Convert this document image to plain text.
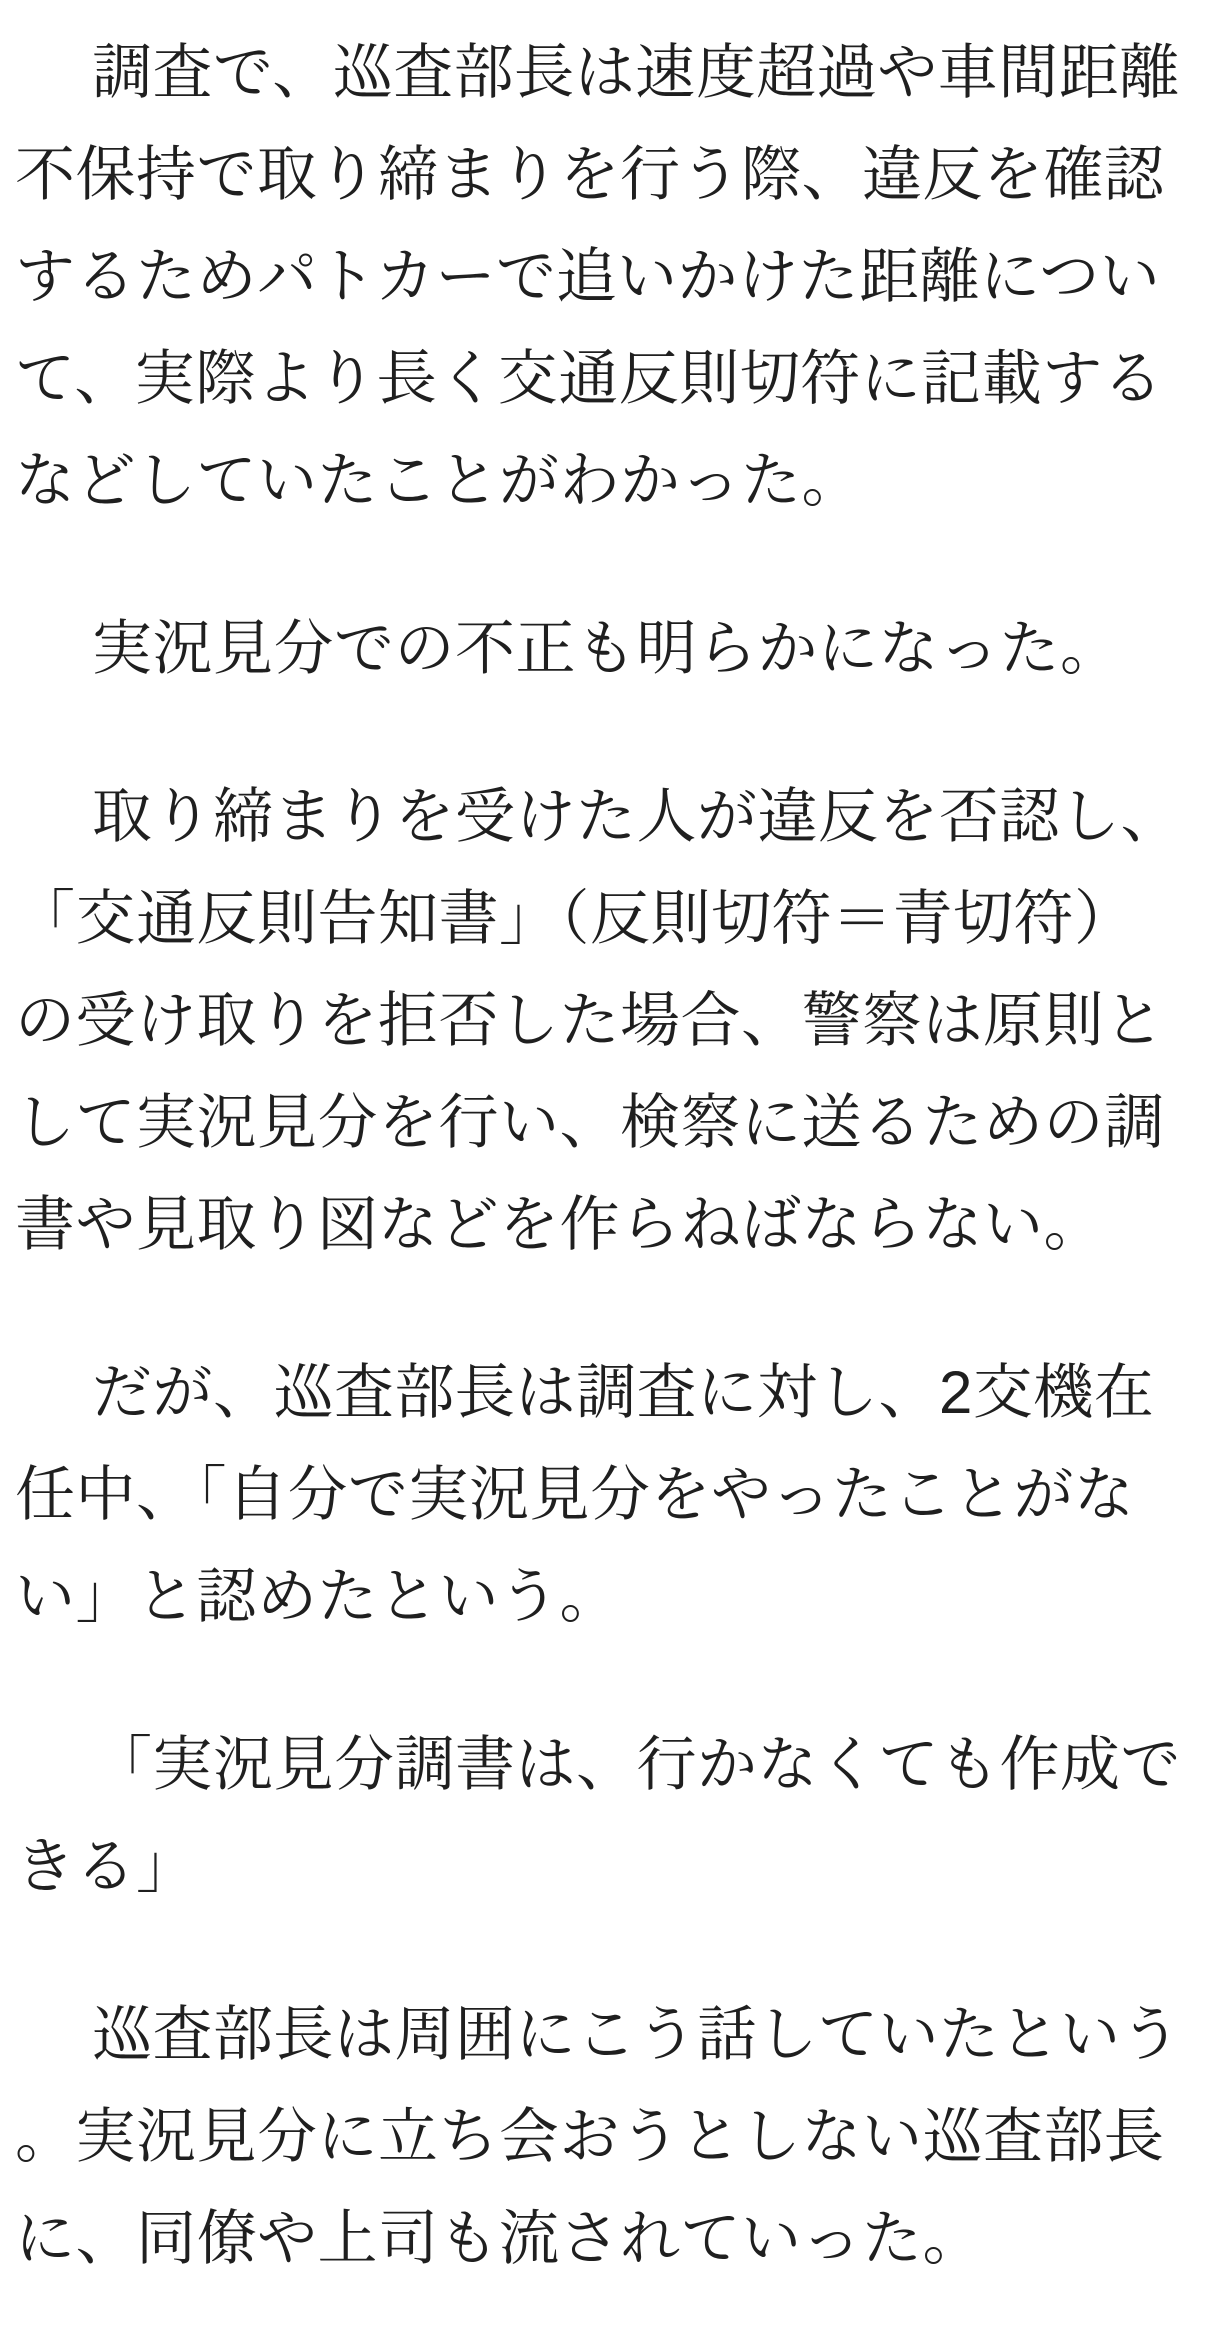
調査で、巡査部長は速度超過や車間距離不保持で取り締まりを行う際、違反を確認するためパトカーで追いかけた距離について、実際より長く交通反則切符に記載するなどしていたことがわかった。

実況見分での不正も明らかになった。

取り締まりを受けた人が違反を否認し、「交通反則告知書」（反則切符＝青切符）の受け取りを拒否した場合、警察は原則として実況見分を行い、検察に送るための調書や見取り図などを作らねばならない。

だが、巡査部長は調査に対し、2交機在任中、「自分で実況見分をやったことがない」と認めたという。

「実況見分調書は、行かなくても作成できる」

巡査部長は周囲にこう話していたという。実況見分に立ち会おうとしない巡査部長に、同僚や上司も流されていった。
